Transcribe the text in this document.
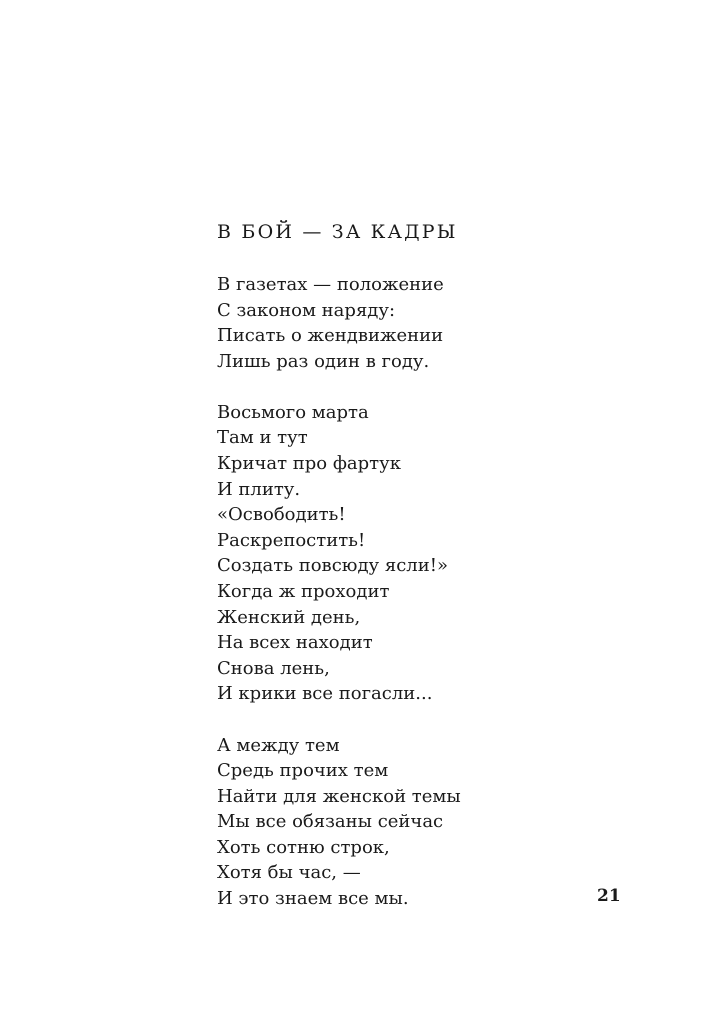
В БОЙ — ЗА КАДРЫ
В газетах — положение
С законом наряду:
Писать о жендвижении
Лишь раз один в году.
Восьмого марта
Там и тут
Кричат про фартук
И плиту.
«Освободить!
Раскрепостить!
Создать повсюду ясли!»
Когда ж проходит
Женский день,
На всех находит
Снова лень,
И крики все погасли...
А между тем
Средь прочих тем
Найти для женской темы
Мы все обязаны сейчас
Хоть сотню строк,
Хотя бы час, —
И это знаем все мы.	21
